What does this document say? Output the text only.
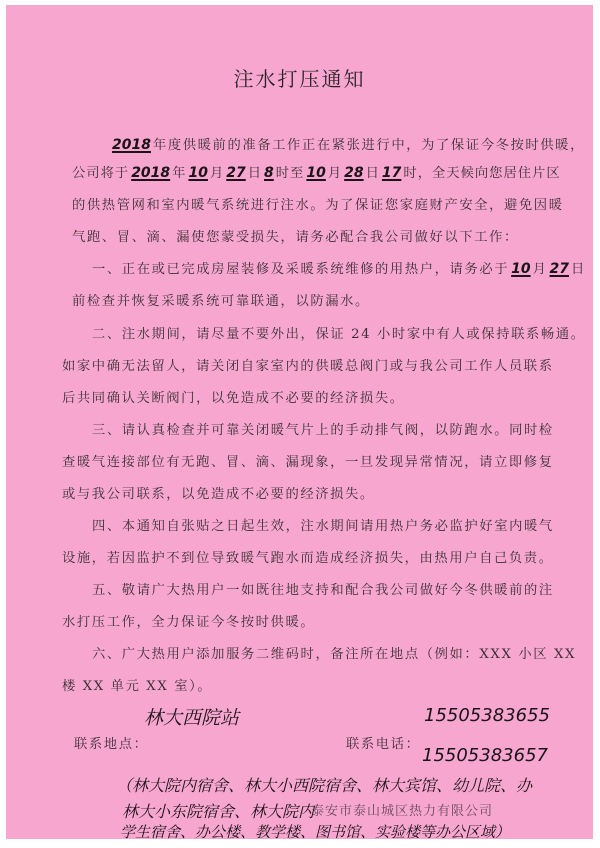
注水打压通知
2018 年度供暖前的准备工作正在紧张进行中，为了保证今冬按时供暖，
公司将于 2018 年 10 月 27 日 8 时至 10 月 28 日 17 时，全天候向您居住片区
的供热管网和室内暖气系统进行注水。为了保证您家庭财产安全，避免因暖
气跑、冒、滴、漏使您蒙受损失，请务必配合我公司做好以下工作：
一、正在或已完成房屋装修及采暖系统维修的用热户，请务必于 10 月 27 日
前检查并恢复采暖系统可靠联通，以防漏水。
二、注水期间，请尽量不要外出，保证 24 小时家中有人或保持联系畅通。
如家中确无法留人，请关闭自家室内的供暖总阀门或与我公司工作人员联系
后共同确认关断阀门，以免造成不必要的经济损失。
三、请认真检查并可靠关闭暖气片上的手动排气阀，以防跑水。同时检
查暖气连接部位有无跑、冒、滴、漏现象，一旦发现异常情况，请立即修复
或与我公司联系，以免造成不必要的经济损失。
四、本通知自张贴之日起生效，注水期间请用热户务必监护好室内暖气
设施，若因监护不到位导致暖气跑水而造成经济损失，由热用户自己负责。
五、敬请广大热用户一如既往地支持和配合我公司做好今冬供暖前的注
水打压工作，全力保证今冬按时供暖。
六、广大热用户添加服务二维码时，备注所在地点（例如：XXX 小区 XX
楼 XX 单元 XX 室）。
林大西院站	15505383655
联系地点：	联系电话：
15505383657
（林大院内宿舍、林大小西院宿舍、林大宾馆、幼儿院、办
林大小东院宿舍、林大院内
泰安市泰山城区热力有限公司
学生宿舍、办公楼、教学楼、图书馆、实验楼等办公区域）
